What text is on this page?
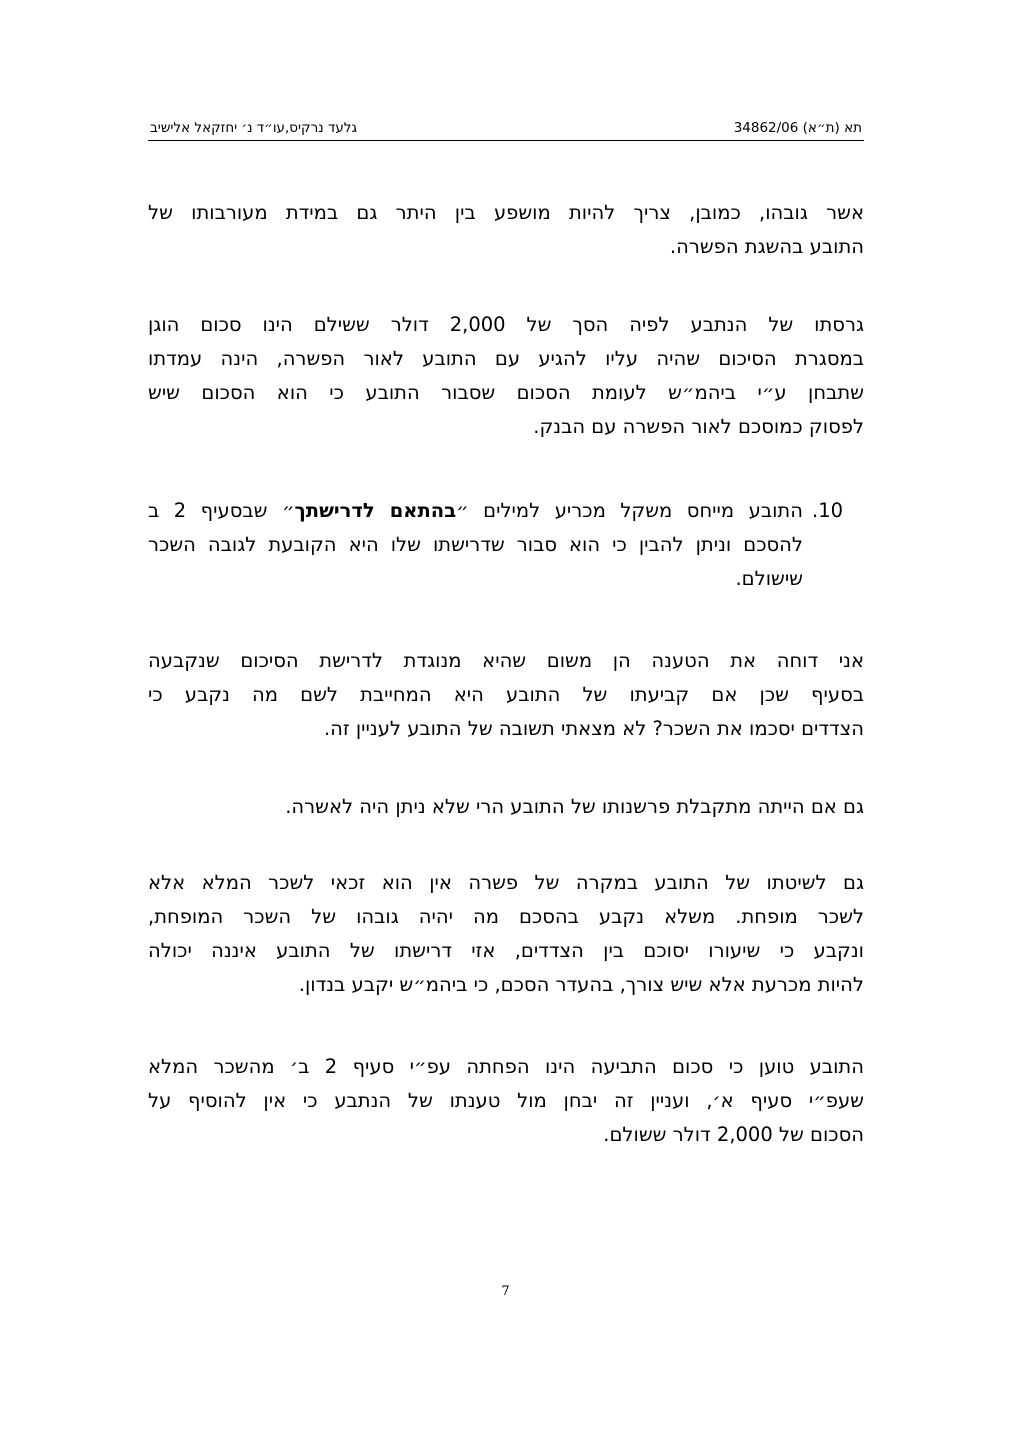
גלעד נרקיס,עו״ד נ׳ יחזקאל אלישיב	תא (ת״א) 34862/06
אשר גובהו, כמובן, צריך להיות מושפע בין היתר גם במידת מעורבותו של
התובע בהשגת הפשרה.
גרסתו של הנתבע לפיה הסך של 2,000 דולר ששילם הינו סכום הוגן
במסגרת הסיכום שהיה עליו להגיע עם התובע לאור הפשרה, הינה עמדתו
שתבחן ע״י ביהמ״ש לעומת הסכום שסבור התובע כי הוא הסכום שיש
לפסוק כמוסכם לאור הפשרה עם הבנק.
.10
התובע מייחס משקל מכריע למילים ״בהתאם לדרישתך״ שבסעיף 2 ב
להסכם וניתן להבין כי הוא סבור שדרישתו שלו היא הקובעת לגובה השכר
שישולם.
אני דוחה את הטענה הן משום שהיא מנוגדת לדרישת הסיכום שנקבעה
בסעיף שכן אם קביעתו של התובע היא המחייבת לשם מה נקבע כי
הצדדים יסכמו את השכר? לא מצאתי תשובה של התובע לעניין זה.
גם אם הייתה מתקבלת פרשנותו של התובע הרי שלא ניתן היה לאשרה.
גם לשיטתו של התובע במקרה של פשרה אין הוא זכאי לשכר המלא אלא
לשכר מופחת. משלא נקבע בהסכם מה יהיה גובהו של השכר המופחת,
ונקבע כי שיעורו יסוכם בין הצדדים, אזי דרישתו של התובע איננה יכולה
להיות מכרעת אלא שיש צורך, בהעדר הסכם, כי ביהמ״ש יקבע בנדון.
התובע טוען כי סכום התביעה הינו הפחתה עפ״י סעיף 2 ב׳ מהשכר המלא
שעפ״י סעיף א׳, ועניין זה יבחן מול טענתו של הנתבע כי אין להוסיף על
הסכום של 2,000 דולר ששולם.
7
